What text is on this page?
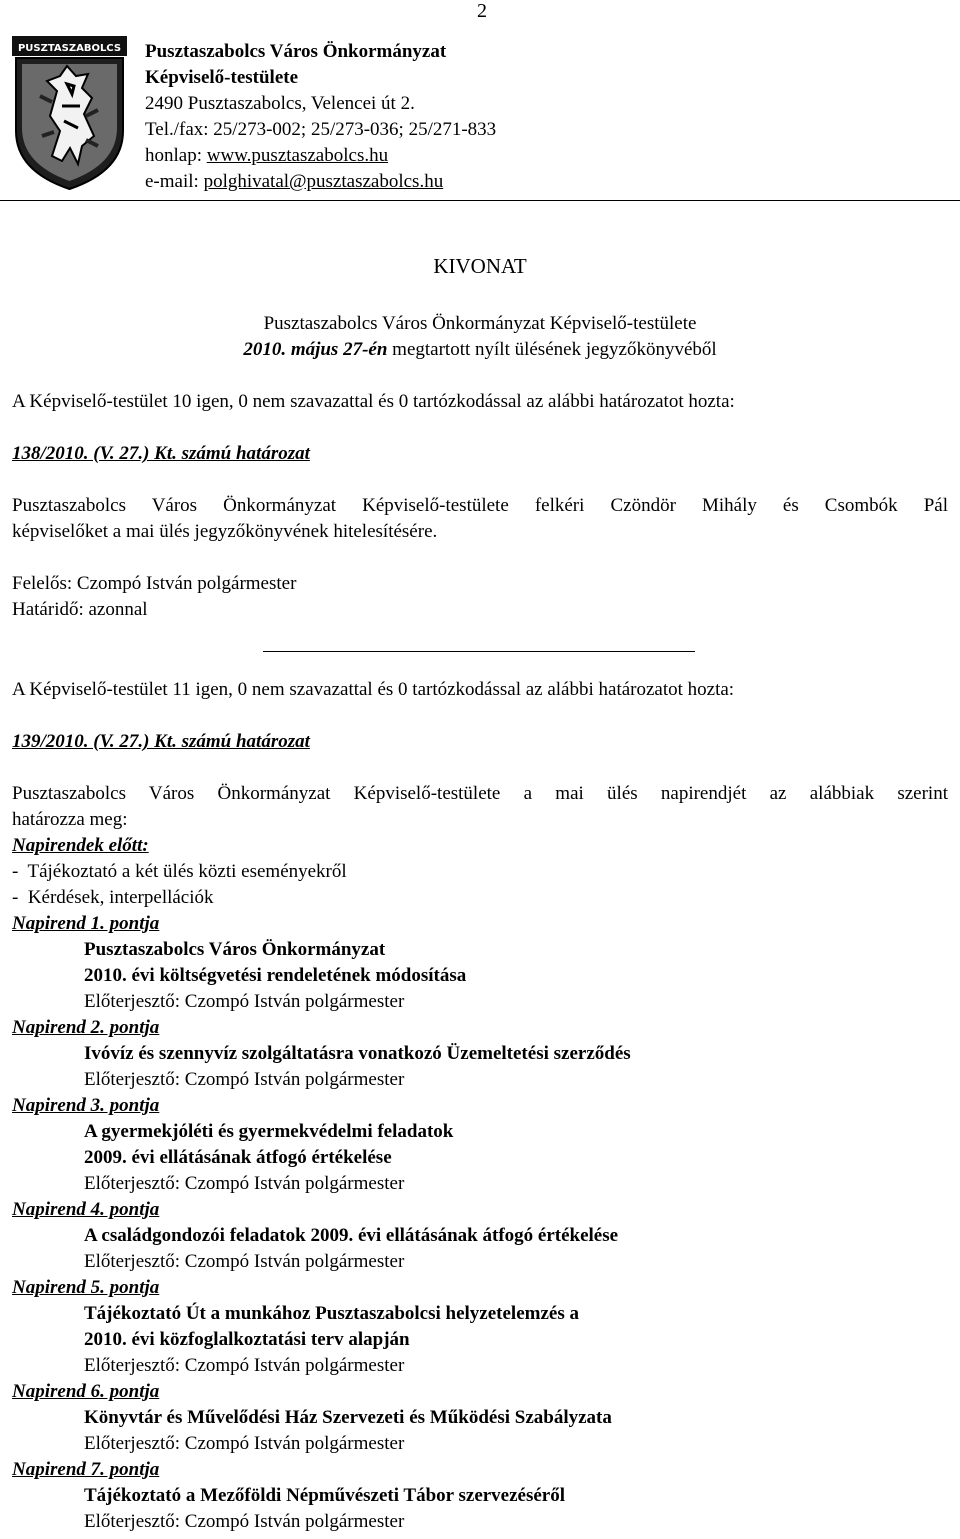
2
PUSZTASZABOLCS Pusztaszabolcs Város Önkormányzat
Képviselő-testülete
2490 Pusztaszabolcs, Velencei út 2.
Tel./fax: 25/273-002; 25/273-036; 25/271-833
honlap: www.pusztaszabolcs.hu
e-mail: polghivatal@pusztaszabolcs.hu
KIVONAT
Pusztaszabolcs Város Önkormányzat Képviselő-testülete
2010. május 27-én megtartott nyílt ülésének jegyzőkönyvéből
A Képviselő-testület 10 igen, 0 nem szavazattal és 0 tartózkodással az alábbi határozatot hozta:
138/2010. (V. 27.) Kt. számú határozat
Pusztaszabolcs Város Önkormányzat Képviselő-testülete felkéri Czöndör Mihály és Csombók Pál
képviselőket a mai ülés jegyzőkönyvének hitelesítésére.
Felelős: Czompó István polgármester
Határidő: azonnal
A Képviselő-testület 11 igen, 0 nem szavazattal és 0 tartózkodással az alábbi határozatot hozta:
139/2010. (V. 27.) Kt. számú határozat
Pusztaszabolcs Város Önkormányzat Képviselő-testülete a mai ülés napirendjét az alábbiak szerint
határozza meg:
Napirendek előtt:
-  Tájékoztató a két ülés közti eseményekről
-  Kérdések, interpellációk
Napirend 1. pontja
Pusztaszabolcs Város Önkormányzat
2010. évi költségvetési rendeletének módosítása
Előterjesztő: Czompó István polgármester
Napirend 2. pontja
Ivóvíz és szennyvíz szolgáltatásra vonatkozó Üzemeltetési szerződés
Előterjesztő: Czompó István polgármester
Napirend 3. pontja
A gyermekjóléti és gyermekvédelmi feladatok
2009. évi ellátásának átfogó értékelése
Előterjesztő: Czompó István polgármester
Napirend 4. pontja
A családgondozói feladatok 2009. évi ellátásának átfogó értékelése
Előterjesztő: Czompó István polgármester
Napirend 5. pontja
Tájékoztató Út a munkához Pusztaszabolcsi helyzetelemzés a
2010. évi közfoglalkoztatási terv alapján
Előterjesztő: Czompó István polgármester
Napirend 6. pontja
Könyvtár és Művelődési Ház Szervezeti és Működési Szabályzata
Előterjesztő: Czompó István polgármester
Napirend 7. pontja
Tájékoztató a Mezőföldi Népművészeti Tábor szervezéséről
Előterjesztő: Czompó István polgármester
